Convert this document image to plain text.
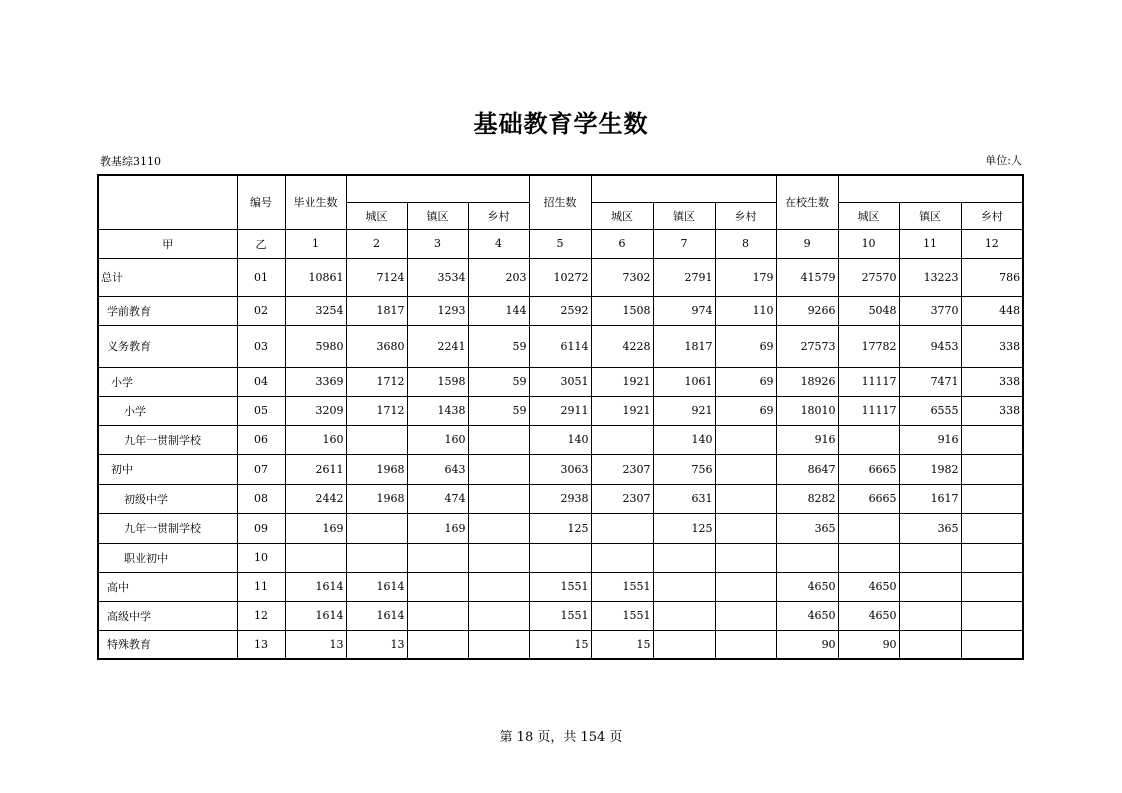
基础教育学生数
教基综3110	单位:人
	编号	毕业生数				招生数				在校生数			
			城区	镇区	乡村		城区	镇区	乡村		城区	镇区	乡村
甲	乙	1	2	3	4	5	6	7	8	9	10	11	12
总计	01	10861	7124	3534	203	10272	7302	2791	179	41579	27570	13223	786
学前教育	02	3254	1817	1293	144	2592	1508	974	110	9266	5048	3770	448
义务教育	03	5980	3680	2241	59	6114	4228	1817	69	27573	17782	9453	338
小学	04	3369	1712	1598	59	3051	1921	1061	69	18926	11117	7471	338
小学	05	3209	1712	1438	59	2911	1921	921	69	18010	11117	6555	338
九年一贯制学校	06	160		160		140		140		916		916	
初中	07	2611	1968	643		3063	2307	756		8647	6665	1982	
初级中学	08	2442	1968	474		2938	2307	631		8282	6665	1617	
九年一贯制学校	09	169		169		125		125		365		365	
职业初中	10												
高中	11	1614	1614			1551	1551			4650	4650		
高级中学	12	1614	1614			1551	1551			4650	4650		
特殊教育	13	13	13			15	15			90	90		
第 18 页，共 154 页
